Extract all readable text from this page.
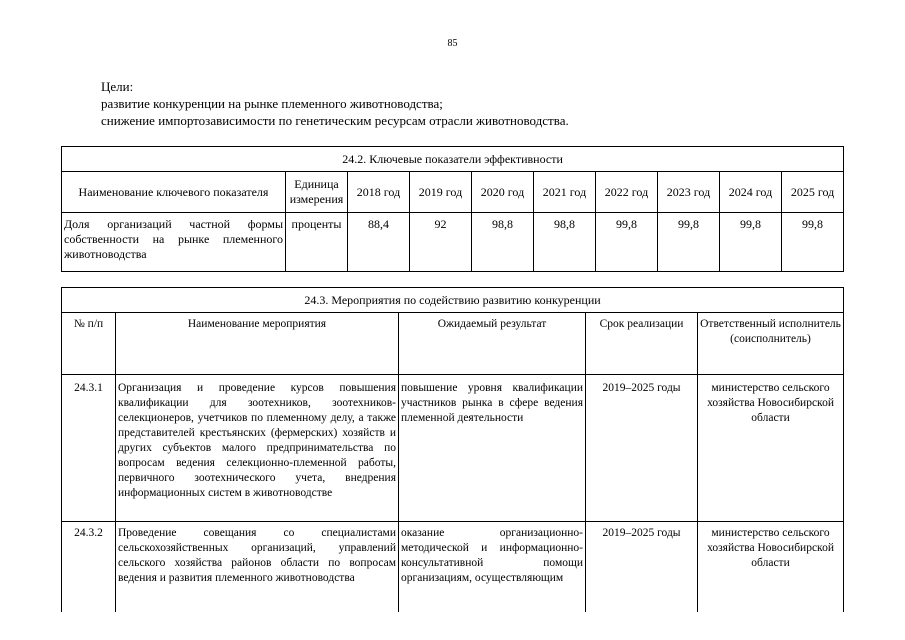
85
Цели:
развитие конкуренции на рынке племенного животноводства;
снижение импортозависимости по генетическим ресурсам отрасли животноводства.
24.2. Ключевые показатели эффективности									
Наименование ключевого показателя	Единица измерения	2018 год	2019 год	2020 год	2021 год	2022 год	2023 год	2024 год	2025 год
Доля организаций частной формы собственности на рынке племенного животноводства	проценты	88,4	92	98,8	98,8	99,8	99,8	99,8	99,8
24.3. Мероприятия по содействию развитию конкуренции				
№ п/п	Наименование мероприятия	Ожидаемый результат	Срок реализации	Ответственный исполнитель (соисполнитель)
24.3.1	Организация и проведение курсов повышения квалификации для зоотехников, зоотехников-селекционеров, учетчиков по племенному делу, а также представителей крестьянских (фермерских) хозяйств и других субъектов малого предпринимательства по вопросам ведения селекционно-племенной работы, первичного зоотехнического учета, внедрения информационных систем в животноводстве	повышение уровня квалификации участников рынка в сфере ведения племенной деятельности	2019–2025 годы	министерство сельского хозяйства Новосибирской области
24.3.2	Проведение совещания со специалистами сельскохозяйственных организаций, управлений сельского хозяйства районов области по вопросам ведения и развития племенного животноводства	оказание организационно-методической и информационно-консультативной помощи организациям, осуществляющим	2019–2025 годы	министерство сельского хозяйства Новосибирской области
